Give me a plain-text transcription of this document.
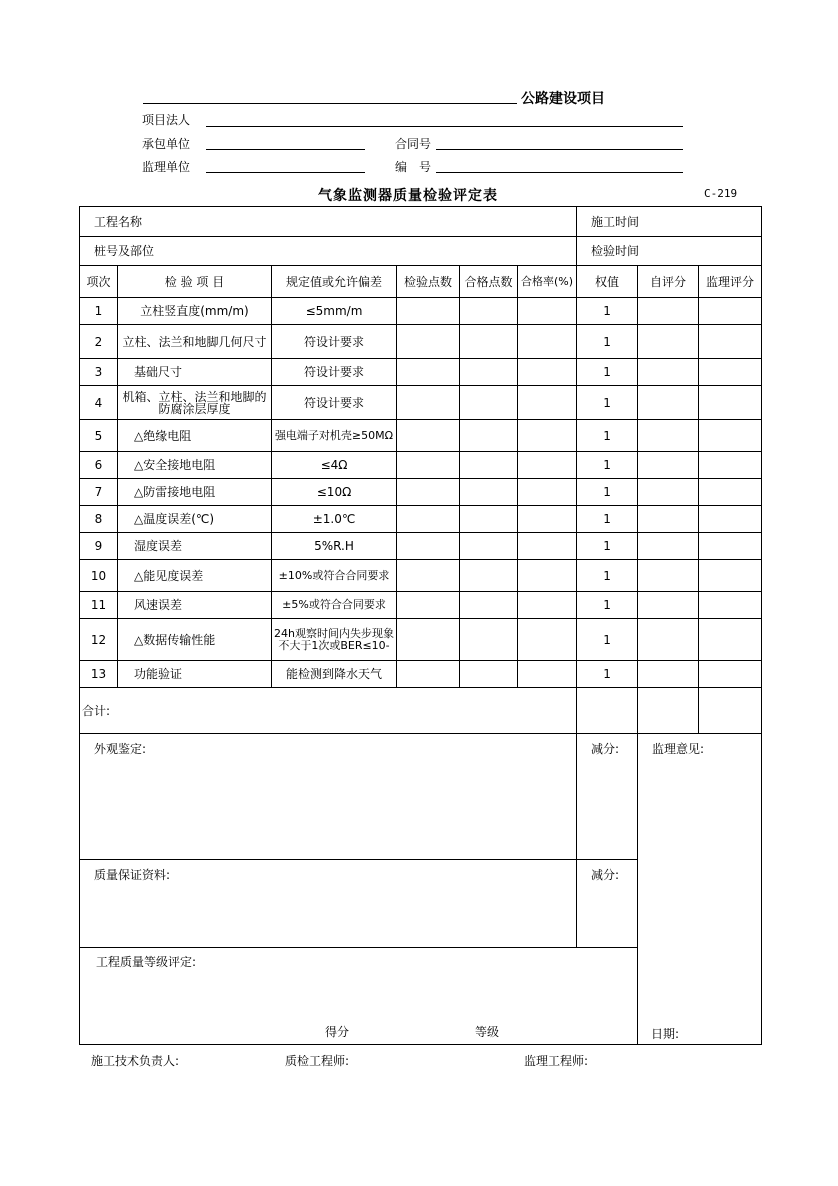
公路建设项目
项目法人
承包单位	合同号
监理单位	编　号
气象监测器质量检验评定表	C-219
工程名称						施工时间		
桩号及部位						检验时间		
项次	检 验 项 目	规定值或允许偏差	检验点数	合格点数	合格率(%)	权值	自评分	监理评分
1	立柱竖直度(mm/m)	≤5mm/m				1		
2	立柱、法兰和地脚几何尺寸	符设计要求				1		
3	基础尺寸	符设计要求				1		
4	机箱、立柱、法兰和地脚的防腐涂层厚度	符设计要求				1		
5	△绝缘电阻	强电端子对机壳≥50MΩ				1		
6	△安全接地电阻	≤4Ω				1		
7	△防雷接地电阻	≤10Ω				1		
8	△温度误差(℃)	±1.0℃				1		
9	湿度误差	5%R.H				1		
10	△能见度误差	±10%或符合合同要求				1		
11	风速误差	±5%或符合合同要求				1		
12	△数据传输性能	24h观察时间内失步现象不大于1次或BER≤10-				1		
13	功能验证	能检测到降水天气				1		
合计:								
外观鉴定:						减分:	监理意见:	
质量保证资料:						减分:		

工程质量等级评定:
得分 等级									日期:
施工技术负责人:	质检工程师:	监理工程师:
